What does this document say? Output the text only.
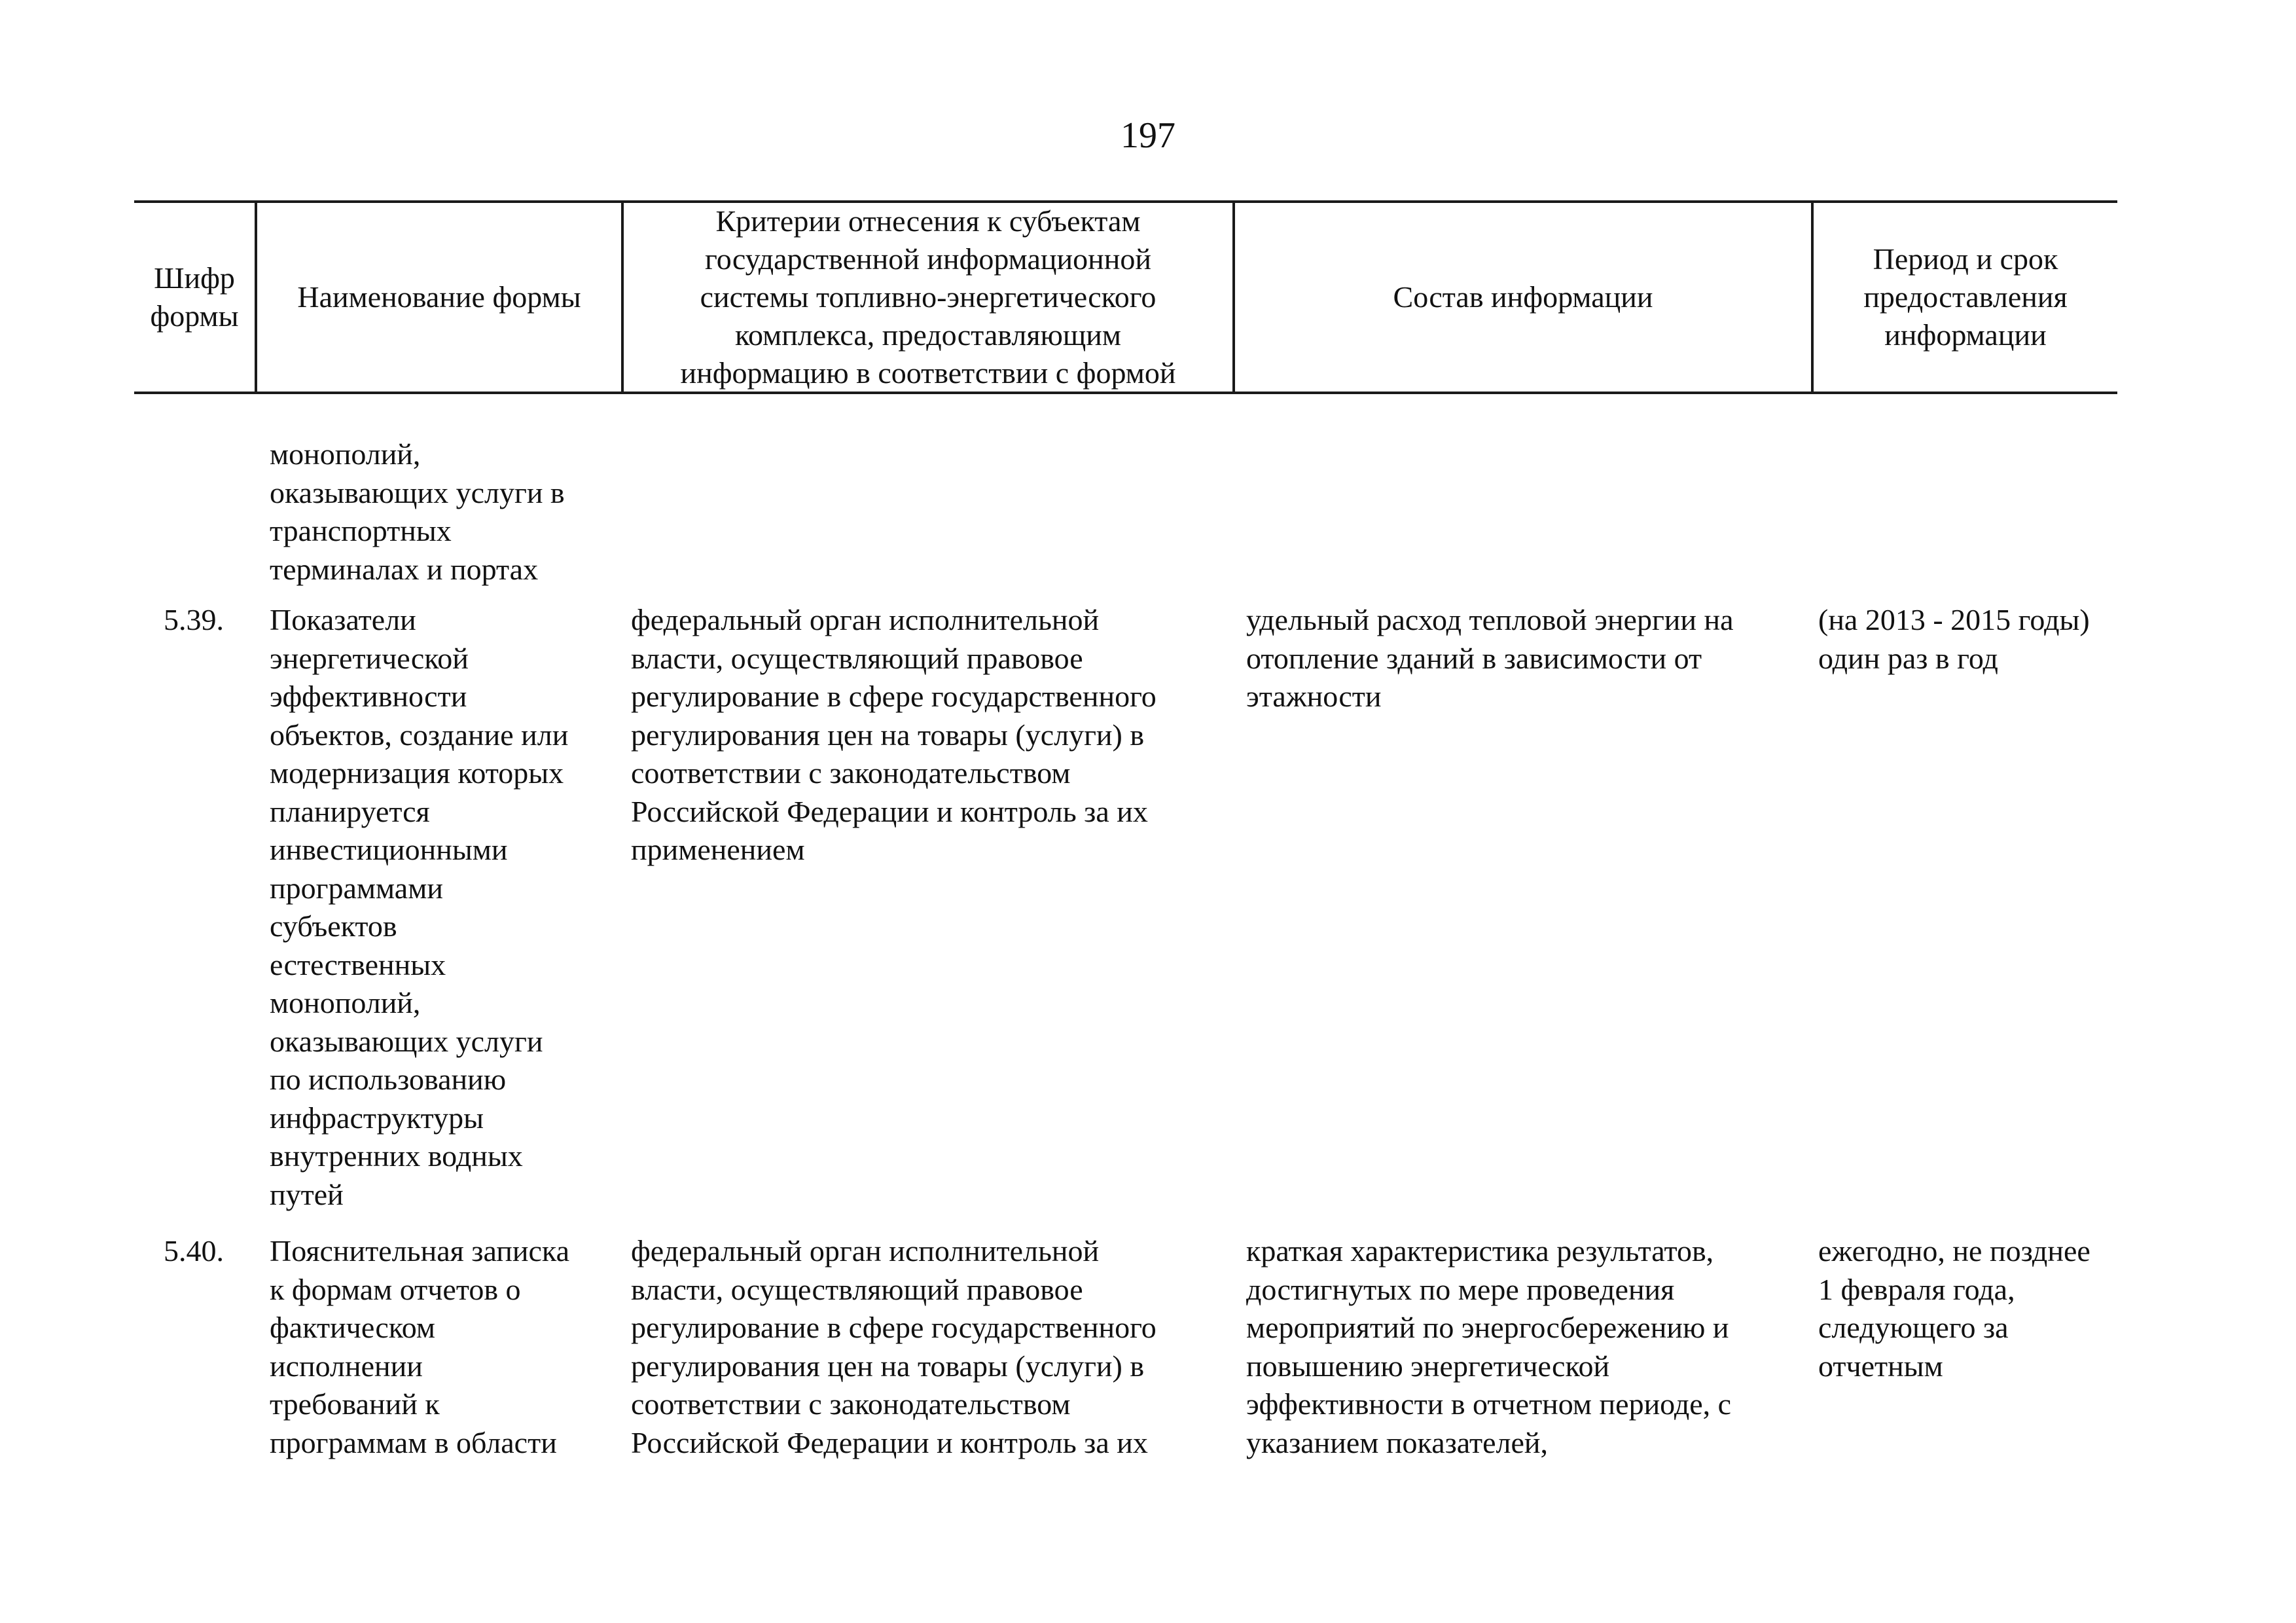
197
Шифр
формы
Наименование формы
Критерии отнесения к субъектам
государственной информационной
системы топливно-энергетического
комплекса, предоставляющим
информацию в соответствии с формой
Состав информации
Период и срок
предоставления
информации
монополий,
оказывающих услуги в
транспортных
терминалах и портах
5.39. Показатели
энергетической
эффективности
объектов, создание или
модернизация которых
планируется
инвестиционными
программами
субъектов
естественных
монополий,
оказывающих услуги
по использованию
инфраструктуры
внутренних водных
путей
федеральный орган исполнительной
власти, осуществляющий правовое
регулирование в сфере государственного
регулирования цен на товары (услуги) в
соответствии с законодательством
Российской Федерации и контроль за их
применением
удельный расход тепловой энергии на
отопление зданий в зависимости от
этажности
(на 2013 - 2015 годы)
один раз в год
5.40. Пояснительная записка
к формам отчетов о
фактическом
исполнении
требований к
программам в области
федеральный орган исполнительной
власти, осуществляющий правовое
регулирование в сфере государственного
регулирования цен на товары (услуги) в
соответствии с законодательством
Российской Федерации и контроль за их
краткая характеристика результатов,
достигнутых по мере проведения
мероприятий по энергосбережению и
повышению энергетической
эффективности в отчетном периоде, с
указанием показателей,
ежегодно, не позднее
1 февраля года,
следующего за
отчетным
